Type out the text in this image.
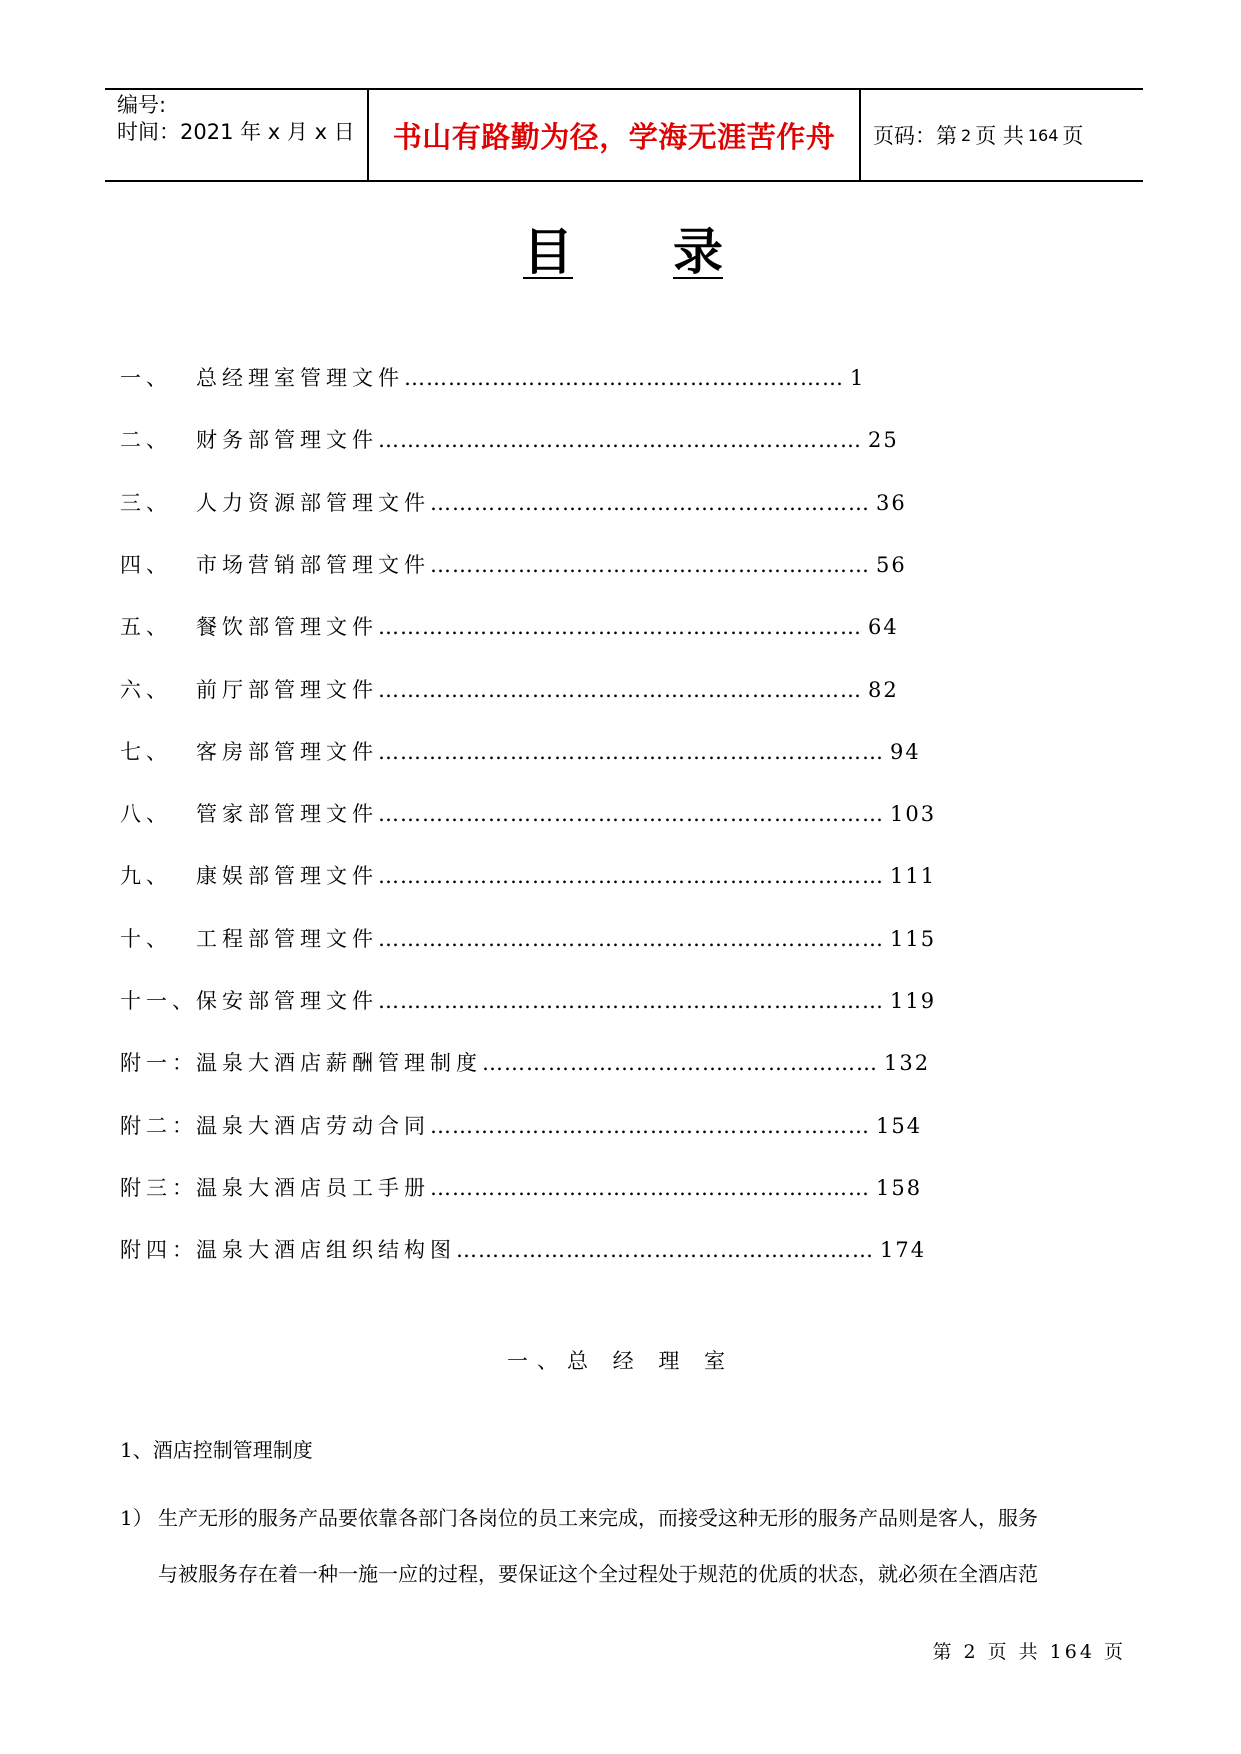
编号:
时间：2021 年 x 月 x 日	书山有路勤为径，学海无涯苦作舟	页码：第 2 页 共 164 页
目 录
一、 总经理室管理文件…………………………………………………… 1
二、 财务部管理文件………………………………………………………… 25
三、 人力资源部管理文件…………………………………………………… 36
四、 市场营销部管理文件…………………………………………………… 56
五、 餐饮部管理文件………………………………………………………… 64
六、 前厅部管理文件………………………………………………………… 82
七、 客房部管理文件…………………………………………………………… 94
八、 管家部管理文件…………………………………………………………… 103
九、 康娱部管理文件…………………………………………………………… 111
十、 工程部管理文件…………………………………………………………… 115
十一、保安部管理文件…………………………………………………………… 119
附一：温泉大酒店薪酬管理制度……………………………………………… 132
附二：温泉大酒店劳动合同…………………………………………………… 154
附三：温泉大酒店员工手册…………………………………………………… 158
附四：温泉大酒店组织结构图………………………………………………… 174
一、总 经 理 室
1、酒店控制管理制度
1） 生产无形的服务产品要依靠各部门各岗位的员工来完成，而接受这种无形的服务产品则是客人，服务
与被服务存在着一种一施一应的过程，要保证这个全过程处于规范的优质的状态，就必须在全酒店范
第 2 页 共 164 页
